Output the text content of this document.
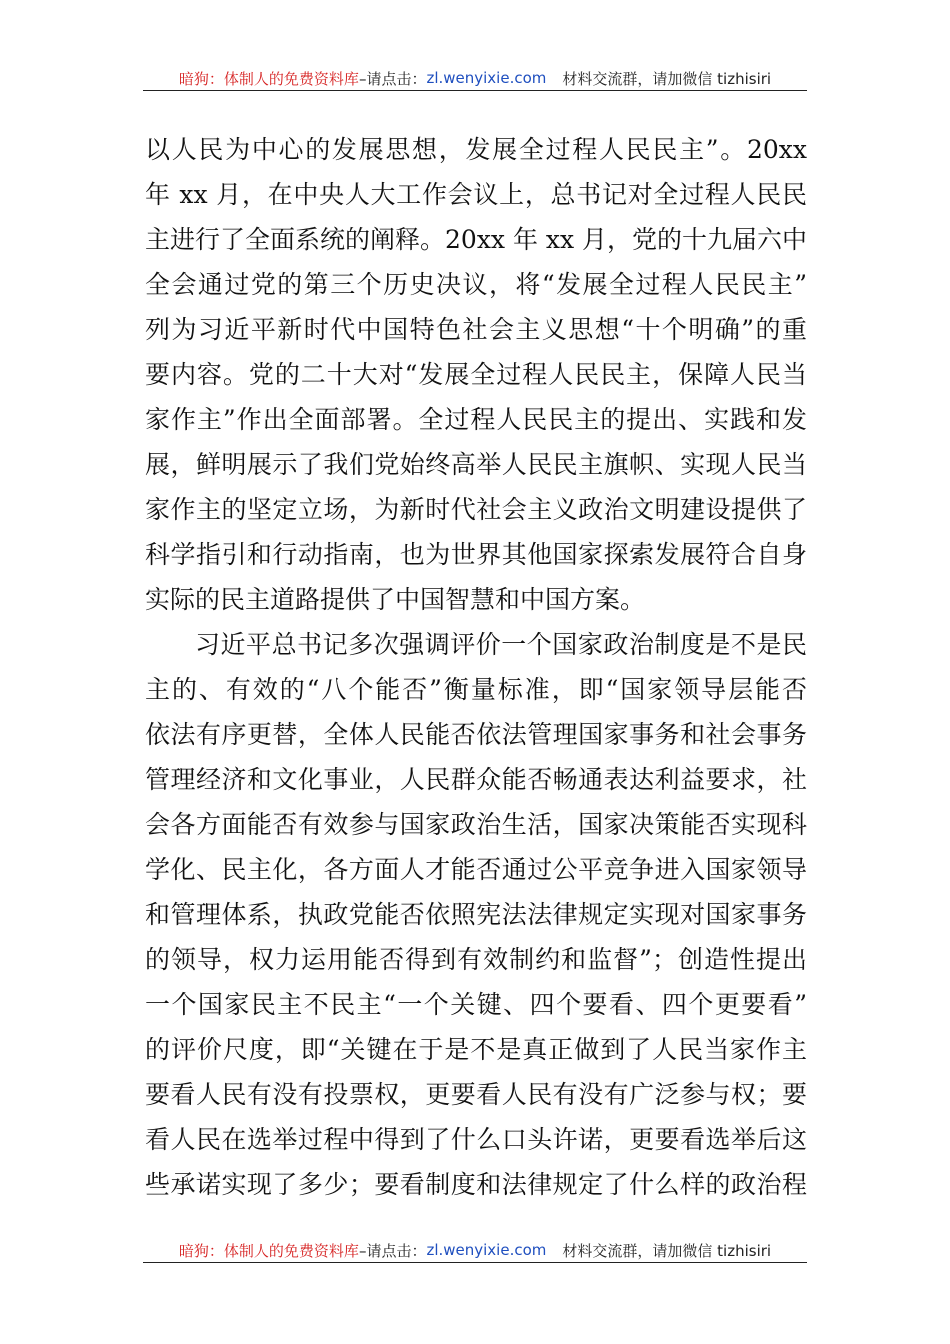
暗狗：体制人的免费资料库 –请点击： zl.wenyixie.com 材料交流群，请加微信 tizhisiri
以人民为中心的发展思想，发展全过程人民民主”。20xx
年 xx 月，在中央人大工作会议上，总书记对全过程人民民
主进行了全面系统的阐释。20xx 年 xx 月，党的十九届六中
全会通过党的第三个历史决议，将“发展全过程人民民主”
列为习近平新时代中国特色社会主义思想“十个明确”的重
要内容。党的二十大对“发展全过程人民民主，保障人民当
家作主”作出全面部署。全过程人民民主的提出、实践和发
展，鲜明展示了我们党始终高举人民民主旗帜、实现人民当
家作主的坚定立场，为新时代社会主义政治文明建设提供了
科学指引和行动指南，也为世界其他国家探索发展符合自身
实际的民主道路提供了中国智慧和中国方案。
习近平总书记多次强调评价一个国家政治制度是不是民
主的、有效的“八个能否”衡量标准，即“国家领导层能否
依法有序更替，全体人民能否依法管理国家事务和社会事务
管理经济和文化事业，人民群众能否畅通表达利益要求，社
会各方面能否有效参与国家政治生活，国家决策能否实现科
学化、民主化，各方面人才能否通过公平竞争进入国家领导
和管理体系，执政党能否依照宪法法律规定实现对国家事务
的领导，权力运用能否得到有效制约和监督”；创造性提出
一个国家民主不民主“一个关键、四个要看、四个更要看”
的评价尺度，即“关键在于是不是真正做到了人民当家作主
要看人民有没有投票权，更要看人民有没有广泛参与权；要
看人民在选举过程中得到了什么口头许诺，更要看选举后这
些承诺实现了多少；要看制度和法律规定了什么样的政治程
暗狗：体制人的免费资料库 –请点击： zl.wenyixie.com 材料交流群，请加微信 tizhisiri
